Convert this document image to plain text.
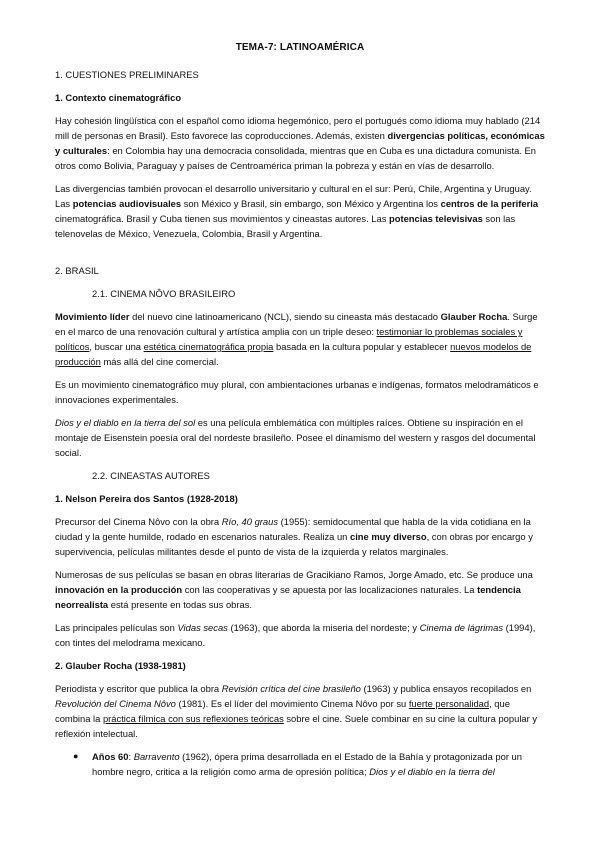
TEMA-7: LATINOAMÉRICA
1. CUESTIONES PRELIMINARES
1. Contexto cinematográfico

Hay cohesión lingüística con el español como idioma hegemónico, pero el portugués como idioma muy hablado (214 mill de personas en Brasil). Esto favorece las coproducciones. Además, existen divergencias políticas, económicas y culturales: en Colombia hay una democracia consolidada, mientras que en Cuba es una dictadura comunista. En otros como Bolivia, Paraguay y países de Centroamérica priman la pobreza y están en vías de desarrollo.

Las divergencias también provocan el desarrollo universitario y cultural en el sur: Perú, Chile, Argentina y Uruguay. Las potencias audiovisuales son México y Brasil, sin embargo, son México y Argentina los centros de la periferia cinematográfica. Brasil y Cuba tienen sus movimientos y cineastas autores. Las potencias televisivas son las telenovelas de México, Venezuela, Colombia, Brasil y Argentina.

2. BRASIL
2.1. CINEMA NÔVO BRASILEIRO

Movimiento líder del nuevo cine latinoamericano (NCL), siendo su cineasta más destacado Glauber Rocha. Surge en el marco de una renovación cultural y artística amplia con un triple deseo: testimoniar lo problemas sociales y políticos, buscar una estética cinematográfica propia basada en la cultura popular y establecer nuevos modelos de producción más allá del cine comercial.

Es un movimiento cinematográfico muy plural, con ambientaciones urbanas e indígenas, formatos melodramáticos e innovaciones experimentales.

Dios y el diablo en la tierra del sol es una película emblemática con múltiples raíces. Obtiene su inspiración en el montaje de Eisenstein poesía oral del nordeste brasileño. Posee el dinamismo del western y rasgos del documental social.

2.2. CINEASTAS AUTORES
1. Nelson Pereira dos Santos (1928-2018)

Precursor del Cinema Nôvo con la obra Río, 40 graus (1955): semidocumental que habla de la vida cotidiana en la ciudad y la gente humilde, rodado en escenarios naturales. Realiza un cine muy diverso, con obras por encargo y supervivencia, películas militantes desde el punto de vista de la izquierda y relatos marginales.

Numerosas de sus películas se basan en obras literarias de Gracikiano Ramos, Jorge Amado, etc. Se produce una innovación en la producción con las cooperativas y se apuesta por las localizaciones naturales. La tendencia neorrealista está presente en todas sus obras.

Las principales películas son Vidas secas (1963), que aborda la miseria del nordeste; y Cinema de lágrimas (1994), con tintes del melodrama mexicano.

2. Glauber Rocha (1938-1981)

Periodista y escritor que publica la obra Revisión crítica del cine brasileño (1963) y publica ensayos recopilados en Revolución del Cinema Nôvo (1981). Es el líder del movimiento Cinema Nôvo por su fuerte personalidad, que combina la práctica fílmica con sus reflexiones teóricas sobre el cine. Suele combinar en su cine la cultura popular y reflexión intelectual.

● Años 60: Barravento (1962), ópera prima desarrollada en el Estado de la Bahía y protagonizada por un hombre negro, critica a la religión como arma de opresión política; Dios y el diablo en la tierra del
